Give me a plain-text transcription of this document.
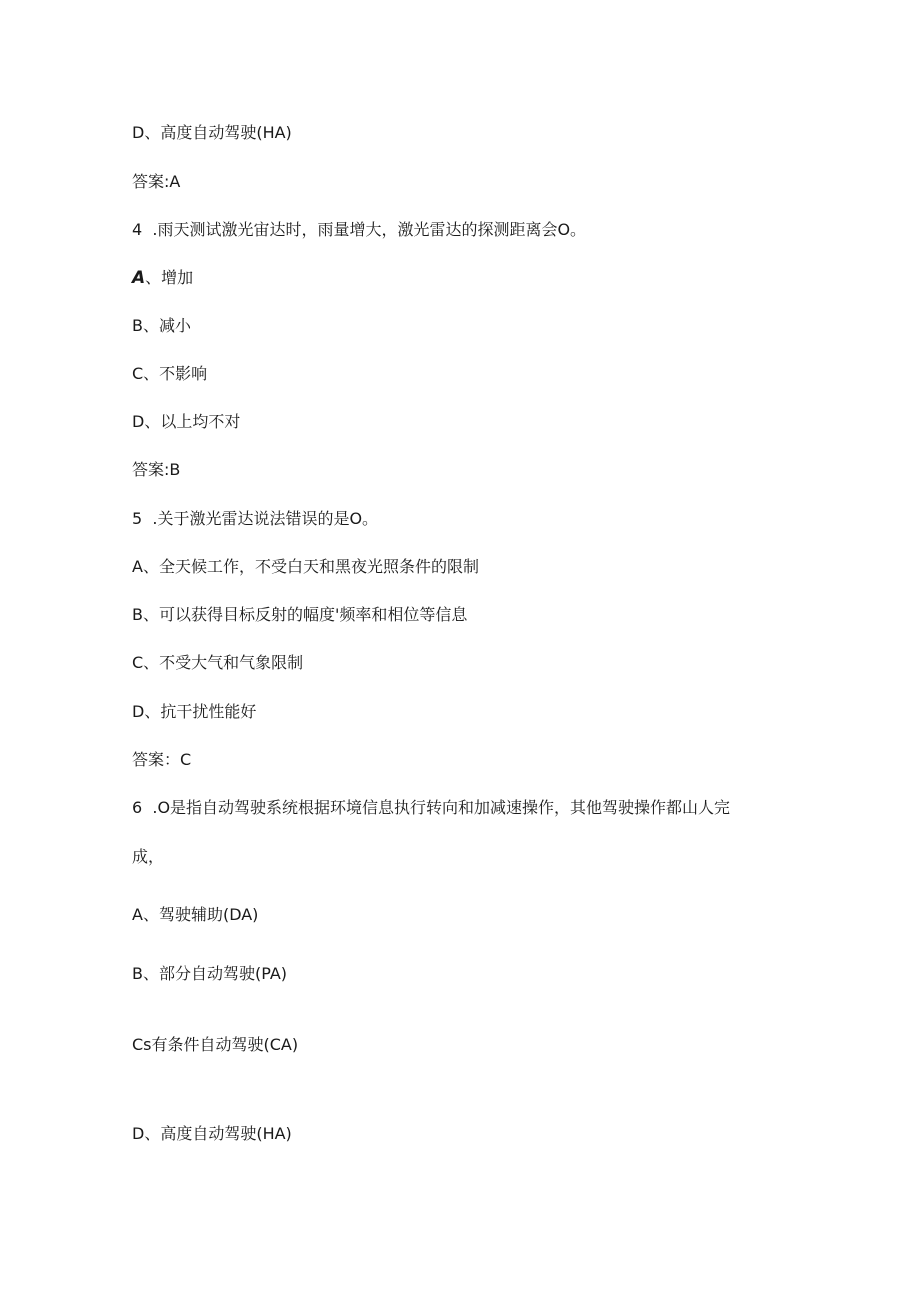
D、高度自动驾驶(HA)
答案:A
4  .雨天测试激光宙达时，雨量增大，激光雷达的探测距离会O。
A、增加
B、减小
C、不影响
D、以上均不对
答案:B
5  .关于激光雷达说法错误的是O。
A、全天候工作，不受白天和黑夜光照条件的限制
B、可以获得目标反射的幅度'频率和相位等信息
C、不受大气和气象限制
D、抗干扰性能好
答案：C
6  .O是指自动驾驶系统根据环境信息执行转向和加减速操作，其他驾驶操作都山人完
成，
A、驾驶辅助(DA)
B、部分自动驾驶(PA)
Cs有条件自动驾驶(CA)
D、高度自动驾驶(HA)
